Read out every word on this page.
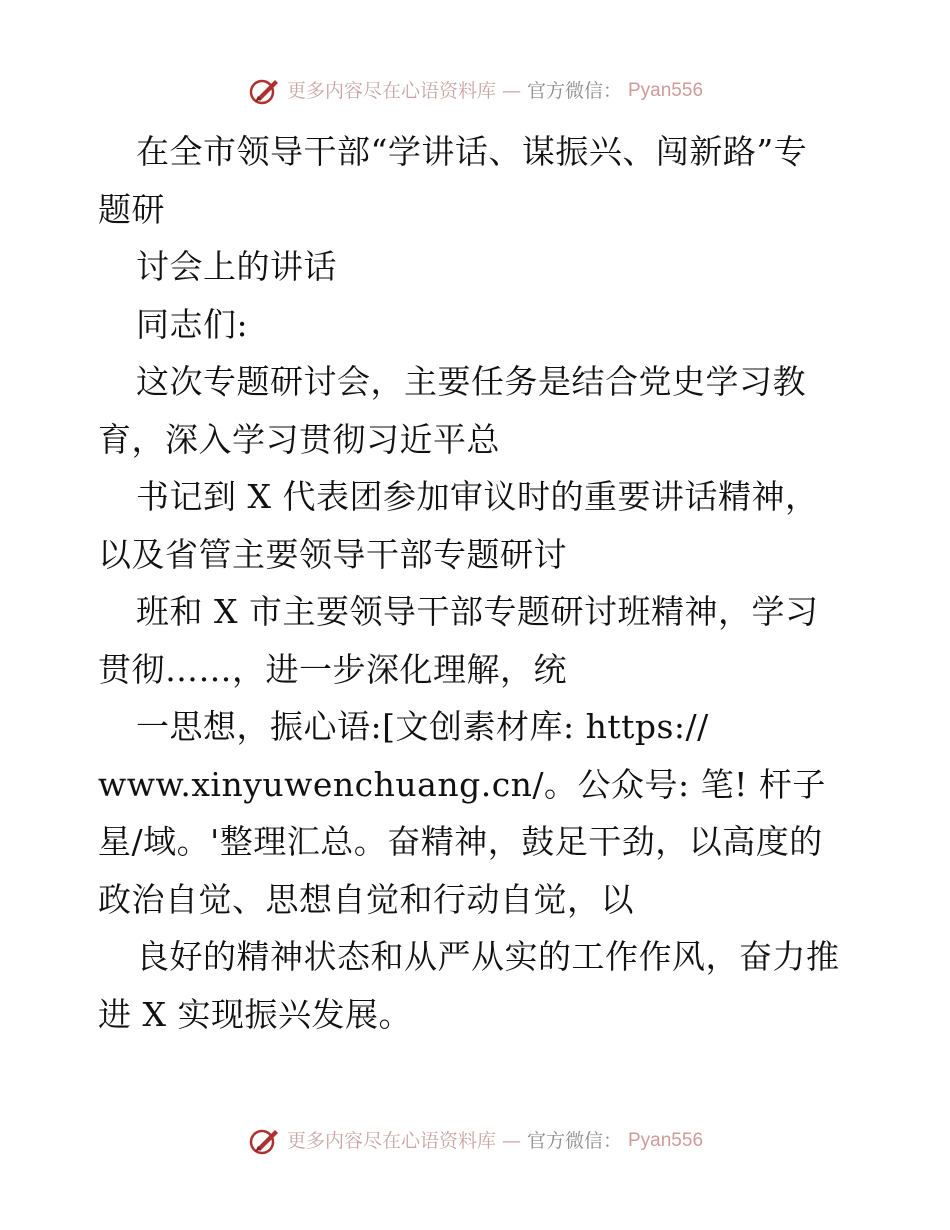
更多内容尽在心语资料库 — 官方微信： Pyan556
在全市领导干部“学讲话、谋振兴、闯新路”专
题研
讨会上的讲话
同志们:
这次专题研讨会，主要任务是结合党史学习教
育，深入学习贯彻习近平总
书记到 X 代表团参加审议时的重要讲话精神，
以及省管主要领导干部专题研讨
班和 X 市主要领导干部专题研讨班精神，学习
贯彻……，进一步深化理解，统
一思想，振心语:[文创素材库: https://
www.xinyuwenchuang.cn/。公众号: 笔! 杆子
星/域。'整理汇总。奋精神，鼓足干劲，以高度的
政治自觉、思想自觉和行动自觉，以
良好的精神状态和从严从实的工作作风，奋力推
进 X 实现振兴发展。
更多内容尽在心语资料库 — 官方微信： Pyan556
